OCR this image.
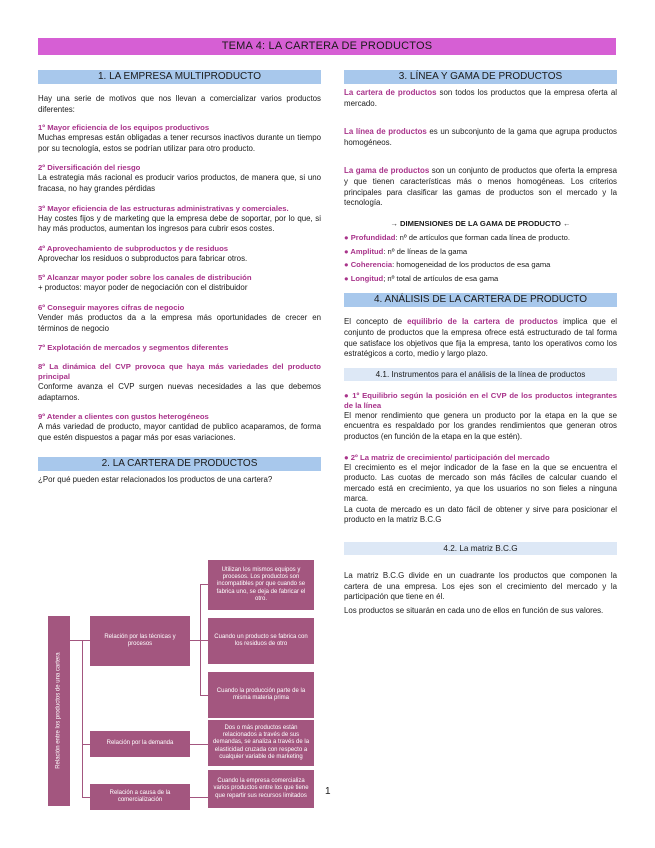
TEMA 4: LA CARTERA DE PRODUCTOS
1. LA EMPRESA MULTIPRODUCTO

Hay una serie de motivos que nos llevan a comercializar varios productos diferentes:

1º Mayor eficiencia de los equipos productivos

Muchas empresas están obligadas a tener recursos inactivos durante un tiempo por su tecnología, estos se podrían utilizar para otro producto.

2º Diversificación del riesgo

La estrategia más racional es producir varios productos, de manera que, si uno fracasa, no hay grandes pérdidas

3º Mayor eficiencia de las estructuras administrativas y comerciales.

Hay costes fijos y de marketing que la empresa debe de soportar, por lo que, si hay más productos, aumentan los ingresos para cubrir esos costes.

4º Aprovechamiento de subproductos y de residuos

Aprovechar los residuos o subproductos para fabricar otros.

5º Alcanzar mayor poder sobre los canales de distribución

+ productos: mayor poder de negociación con el distribuidor

6º Conseguir mayores cifras de negocio

Vender más productos da a la empresa más oportunidades de crecer en términos de negocio

7º Explotación de mercados y segmentos diferentes

8º La dinámica del CVP provoca que haya más variedades del producto principal

Conforme avanza el CVP surgen nuevas necesidades a las que debemos adaptarnos.

9º Atender a clientes con gustos heterogéneos

A más variedad de producto, mayor cantidad de publico acaparamos, de forma que estén dispuestos a pagar más por esas variaciones.

2. LA CARTERA DE PRODUCTOS

¿Por qué pueden estar relacionados los productos de una cartera?

Relación entre los productos de una cartera
Relación por las técnicas y procesos
Relación por la demanda
Relación a causa de la comercialización
Utilizan los mismos equipos y procesos. Los productos son incompatibles por que cuando se fabrica uno, se deja de fabricar el otro.
Cuando un producto se fabrica con los residuos de otro
Cuando la producción parte de la misma materia prima
Dos o más productos están relacionados a través de sus demandas, se analiza a través de la elasticidad cruzada con respecto a cualquier variable de marketing
Cuando la empresa comercializa varios productos entre los que tiene que repartir sus recursos limitados
3. LÍNEA Y GAMA DE PRODUCTOS

La cartera de productos son todos los productos que la empresa oferta al mercado.

La línea de productos es un subconjunto de la gama que agrupa productos homogéneos.

La gama de productos son un conjunto de productos que oferta la empresa y que tienen características más o menos homogéneas. Los criterios principales para clasificar las gamas de productos son el mercado y la tecnología.

→ DIMENSIONES DE LA GAMA DE PRODUCTO ←

● Profundidad: nº de artículos que forman cada línea de producto.

● Amplitud: nº de líneas de la gama

● Coherencia: homogeneidad de los productos de esa gama

● Longitud; nº total de artículos de esa gama

4. ANÁLISIS DE LA CARTERA DE PRODUCTO

El concepto de equilibrio de la cartera de productos implica que el conjunto de productos que la empresa ofrece está estructurado de tal forma que satisface los objetivos que fija la empresa, tanto los operativos como los estratégicos a corto, medio y largo plazo.

4.1. Instrumentos para el análisis de la línea de productos

● 1º Equilibrio según la posición en el CVP de los productos integrantes de la línea

El menor rendimiento que genera un producto por la etapa en la que se encuentra es respaldado por los grandes rendimientos que generan otros productos (en función de la etapa en la que estén).

● 2º La matriz de crecimiento/ participación del mercado

El crecimiento es el mejor indicador de la fase en la que se encuentra el producto. Las cuotas de mercado son más fáciles de calcular cuando el mercado está en crecimiento, ya que los usuarios no son fieles a ninguna marca.

La cuota de mercado es un dato fácil de obtener y sirve para posicionar el producto en la matriz B.C.G

4.2. La matriz B.C.G

La matriz B.C.G divide en un cuadrante los productos que componen la cartera de una empresa. Los ejes son el crecimiento del mercado y la participación que tiene en él.

Los productos se situarán en cada uno de ellos en función de sus valores.

1
